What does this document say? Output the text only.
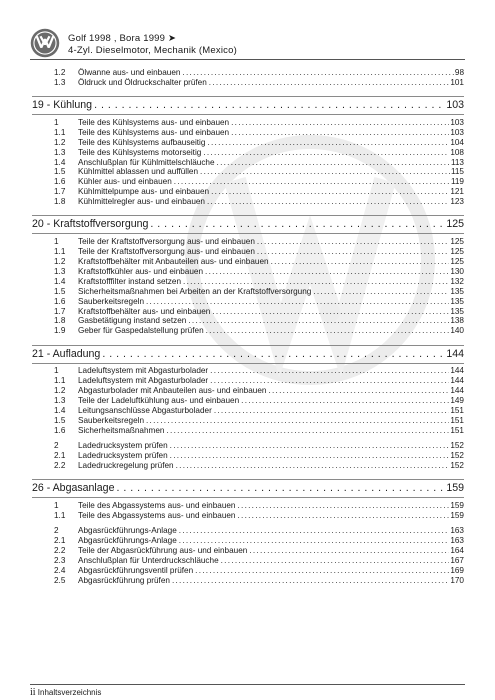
Golf 1998 , Bora 1999 ➤
4-Zyl. Dieselmotor, Mechanik (Mexico)
1.2	Ölwanne aus- und einbauen . . .	98
1.3	Öldruck und Öldruckschalter prüfen . . .	101
19 - Kühlung . . .	103
1	Teile des Kühlsystems aus- und einbauen . . .	103
1.1	Teile des Kühlsystems aus- und einbauen . . .	103
1.2	Teile des Kühlsystems aufbauseitig . . .	104
1.3	Teile des Kühlsystems motorseitig . . .	108
1.4	Anschlußplan für Kühlmittelschläuche . . .	113
1.5	Kühlmittel ablassen und auffüllen . . .	115
1.6	Kühler aus- und einbauen . . .	119
1.7	Kühlmittelpumpe aus- und einbauen . . .	121
1.8	Kühlmittelregler aus- und einbauen . . .	123
20 - Kraftstoffversorgung . . .	125
1	Teile der Kraftstoffversorgung aus- und einbauen . . .	125
1.1	Teile der Kraftstoffversorgung aus- und einbauen . . .	125
1.2	Kraftstoffbehälter mit Anbauteilen aus- und einbauen . . .	125
1.3	Kraftstoffkühler aus- und einbauen . . .	130
1.4	Kraftstofffilter instand setzen . . .	132
1.5	Sicherheitsmaßnahmen bei Arbeiten an der Kraftstoffversorgung . . .	135
1.6	Sauberkeitsregeln . . .	135
1.7	Kraftstoffbehälter aus- und einbauen . . .	135
1.8	Gasbetätigung instand setzen . . .	138
1.9	Geber für Gaspedalstellung prüfen . . .	140
21 - Aufladung . . .	144
1	Ladeluftsystem mit Abgasturbolader . . .	144
1.1	Ladeluftsystem mit Abgasturbolader . . .	144
1.2	Abgasturbolader mit Anbauteilen aus- und einbauen . . .	144
1.3	Teile der Ladeluftkühlung aus- und einbauen . . .	149
1.4	Leitungsanschlüsse Abgasturbolader . . .	151
1.5	Sauberkeitsregeln . . .	151
1.6	Sicherheitsmaßnahmen . . .	151
2	Ladedrucksystem prüfen . . .	152
2.1	Ladedrucksystem prüfen . . .	152
2.2	Ladedruckregelung prüfen . . .	152
26 - Abgasanlage . . .	159
1	Teile des Abgassystems aus- und einbauen . . .	159
1.1	Teile des Abgassystems aus- und einbauen . . .	159
2	Abgasrückführungs-Anlage . . .	163
2.1	Abgasrückführungs-Anlage . . .	163
2.2	Teile der Abgasrückführung aus- und einbauen . . .	164
2.3	Anschlußplan für Unterdruckschläuche . . .	167
2.4	Abgasrückführungsventil prüfen . . .	169
2.5	Abgasrückführung prüfen . . .	170
ii Inhaltsverzeichnis
